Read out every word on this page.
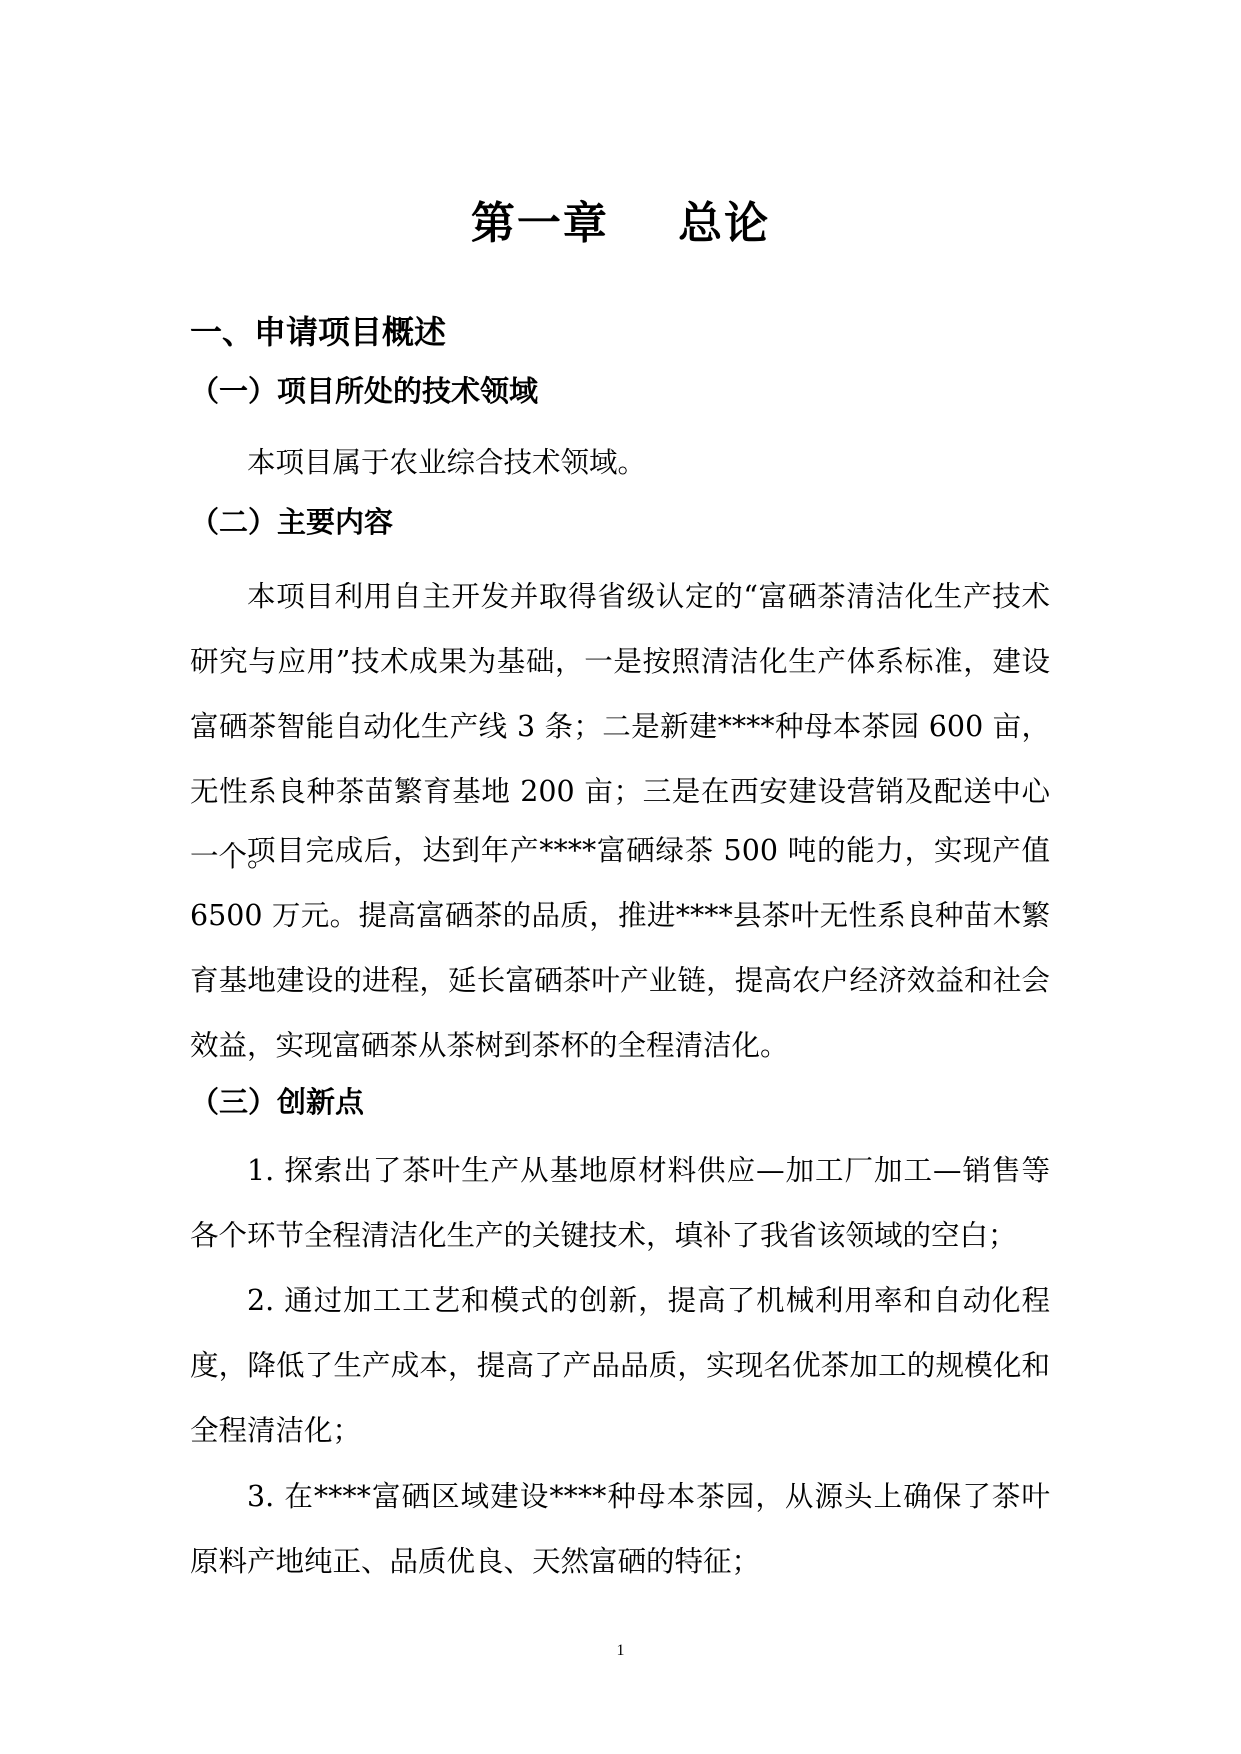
第一章    总论
一、申请项目概述
（一）项目所处的技术领域

本项目属于农业综合技术领域。

（二）主要内容

本项目利用自主开发并取得省级认定的“富硒茶清洁化生产技术研究与应用”技术成果为基础，一是按照清洁化生产体系标准，建设富硒茶智能自动化生产线 3 条；二是新建****种母本茶园 600 亩，无性系良种茶苗繁育基地 200 亩；三是在西安建设营销及配送中心一个。

项目完成后，达到年产****富硒绿茶 500 吨的能力，实现产值 6500 万元。提高富硒茶的品质，推进****县茶叶无性系良种苗木繁育基地建设的进程，延长富硒茶叶产业链，提高农户经济效益和社会效益，实现富硒茶从茶树到茶杯的全程清洁化。

（三）创新点

1. 探索出了茶叶生产从基地原材料供应—加工厂加工—销售等各个环节全程清洁化生产的关键技术，填补了我省该领域的空白；

2. 通过加工工艺和模式的创新，提高了机械利用率和自动化程度，降低了生产成本，提高了产品品质，实现名优茶加工的规模化和全程清洁化；

3. 在****富硒区域建设****种母本茶园，从源头上确保了茶叶原料产地纯正、品质优良、天然富硒的特征；

1
